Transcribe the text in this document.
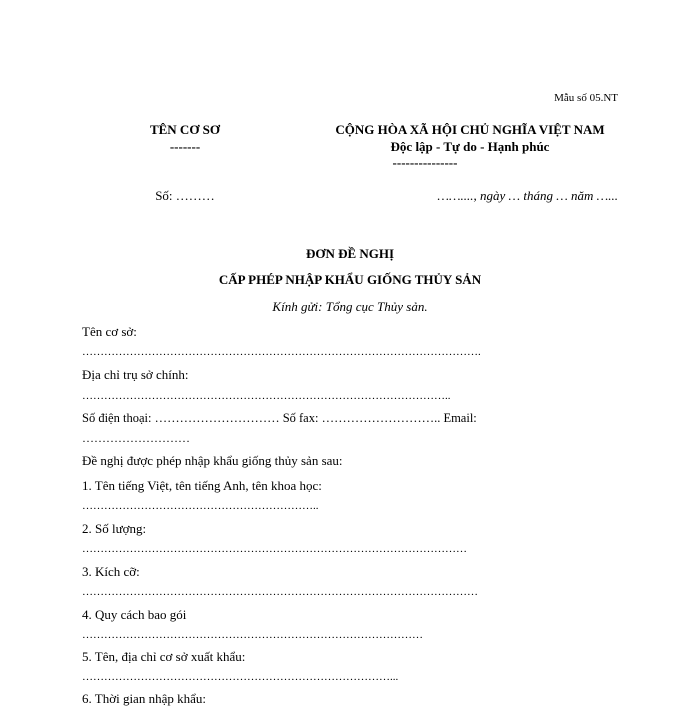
Mẫu số 05.NT
TÊN CƠ SƠ
-------
CỘNG HÒA XÃ HỘI CHỦ NGHĨA VIỆT NAM
Độc lập - Tự do - Hạnh phúc
---------------
Số: ………	……...., ngày … tháng … năm …...
ĐƠN ĐỀ NGHỊ
CẤP PHÉP NHẬP KHẨU GIỐNG THỦY SẢN
Kính gửi: Tổng cục Thủy sản.
Tên cơ sở:
……………………………………………………………………………………………….
Địa chỉ trụ sở chính:
………………………………………………………………………………………..
Số điện thoại: ………………………… Số fax: ……………………….. Email:
………………………
Đề nghị được phép nhập khẩu giống thủy sản sau:
1. Tên tiếng Việt, tên tiếng Anh, tên khoa học:
………………………………………………………..
2. Số lượng:
……………………………………………………………………………………………
3. Kích cỡ:
………………………………………………………………………………………………
4. Quy cách bao gói
…………………………………………………………………………………
5. Tên, địa chỉ cơ sở xuất khẩu:
…………………………………………………………………………...
6. Thời gian nhập khẩu:
